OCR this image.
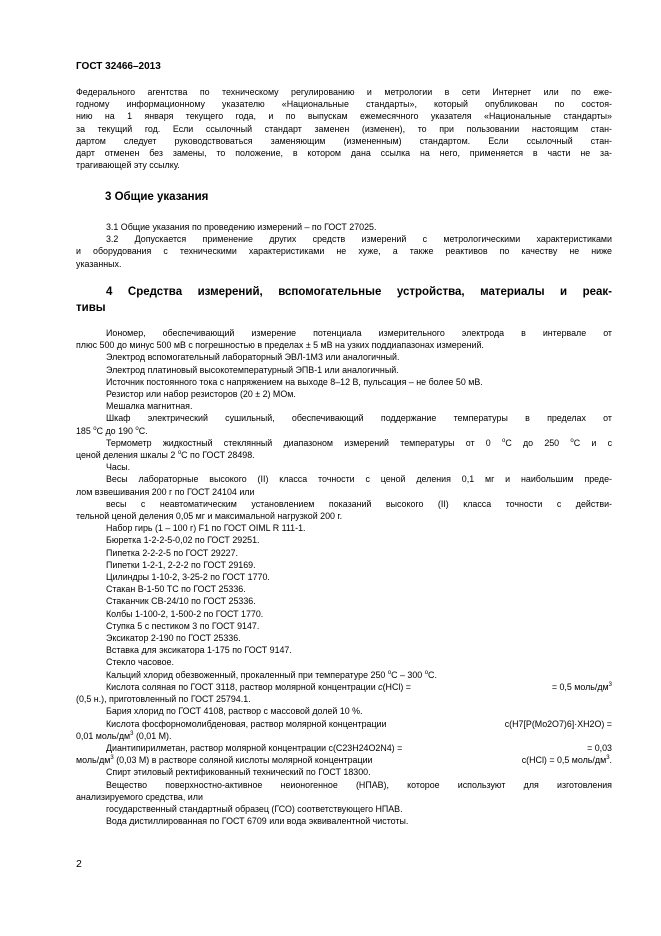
ГОСТ 32466–2013
Федерального агентства по техническому регулированию и метрологии в сети Интернет или по еже-
годному информационному указателю «Национальные стандарты», который опубликован по состоя-
нию на 1 января текущего года, и по выпускам ежемесячного указателя «Национальные стандарты»
за текущий год. Если ссылочный стандарт заменен (изменен), то при пользовании настоящим стан-
дартом следует руководствоваться заменяющим (измененным) стандартом. Если ссылочный стан-
дарт отменен без замены, то положение, в котором дана ссылка на него, применяется в части не за-
трагивающей эту ссылку.
3 Общие указания
3.1 Общие указания по проведению измерений – по ГОСТ 27025.
3.2 Допускается применение других средств измерений с метрологическими характеристиками
и оборудования с техническими характеристиками не хуже, а также реактивов по качеству не ниже
указанных.
4 Средства измерений, вспомогательные устройства, материалы и реак-
тивы
Иономер, обеспечивающий измерение потенциала измерительного электрода в интервале от
плюс 500 до минус 500 мВ с погрешностью в пределах ± 5 мВ на узких поддиапазонах измерений.
Электрод вспомогательный лабораторный ЭВЛ-1М3 или аналогичный.
Электрод платиновый высокотемпературный ЭПВ-1 или аналогичный.
Источник постоянного тока с напряжением на выходе 8–12 В, пульсация – не более 50 мВ.
Резистор или набор резисторов (20 ± 2) МОм.
Мешалка магнитная.
Шкаф электрический сушильный, обеспечивающий поддержание температуры в пределах от
185 $^o$С до 190 $^o$С.
Термометр жидкостный стеклянный диапазоном измерений температуры от 0 $^o$С до 250 $^o$С и с
ценой деления шкалы 2 $^o$С по ГОСТ 28498.
Часы.
Весы лабораторные высокого (II) класса точности с ценой деления 0,1 мг и наибольшим преде-
лом взвешивания 200 г по ГОСТ 24104 или
весы с неавтоматическим установлением показаний высокого (II) класса точности с действи-
тельной ценой деления 0,05 мг и максимальной нагрузкой 200 г.
Набор гирь (1 – 100 г) F1 по ГОСТ OIML R 111-1.
Бюретка 1-2-2-5-0,02 по ГОСТ 29251.
Пипетка 2-2-2-5 по ГОСТ 29227.
Пипетки 1-2-1, 2-2-2 по ГОСТ 29169.
Цилиндры 1-10-2, 3-25-2 по ГОСТ 1770.
Стакан В-1-50 ТС по ГОСТ 25336.
Стаканчик СВ-24/10 по ГОСТ 25336.
Колбы 1-100-2, 1-500-2 по ГОСТ 1770.
Ступка 5 с пестиком 3 по ГОСТ 9147.
Эксикатор 2-190 по ГОСТ 25336.
Вставка для эксикатора 1-175 по ГОСТ 9147.
Стекло часовое.
Кальций хлорид обезвоженный, прокаленный при температуре 250 $^o$С – 300 $^o$С.
Кислота соляная по ГОСТ 3118, раствор молярной концентрации c(HCl) =	= 0,5 моль/$дм^3$
(0,5 н.), приготовленный по ГОСТ 25794.1.
Бария хлорид по ГОСТ 4108, раствор с массовой долей 10 %.
Кислота фосфорномолибденовая, раствор молярной концентрации	c(H7[P(Mo2O7)6]·XH2O) =
0,01 моль/$дм^3$ (0,01 М).
Диантипирилметан, раствор молярной концентрации c(C23H24O2N4) =	= 0,03
моль/$дм^3$ (0,03 М) в растворе соляной кислоты молярной концентрации	c(HCl) = 0,5 моль/$дм^3$.
Спирт этиловый ректификованный технический по ГОСТ 18300.
Вещество поверхностно-активное неионогенное (НПАВ), которое используют для изготовления
анализируемого средства, или
государственный стандартный образец (ГСО) соответствующего НПАВ.
Вода дистиллированная по ГОСТ 6709 или вода эквивалентной чистоты.
2
